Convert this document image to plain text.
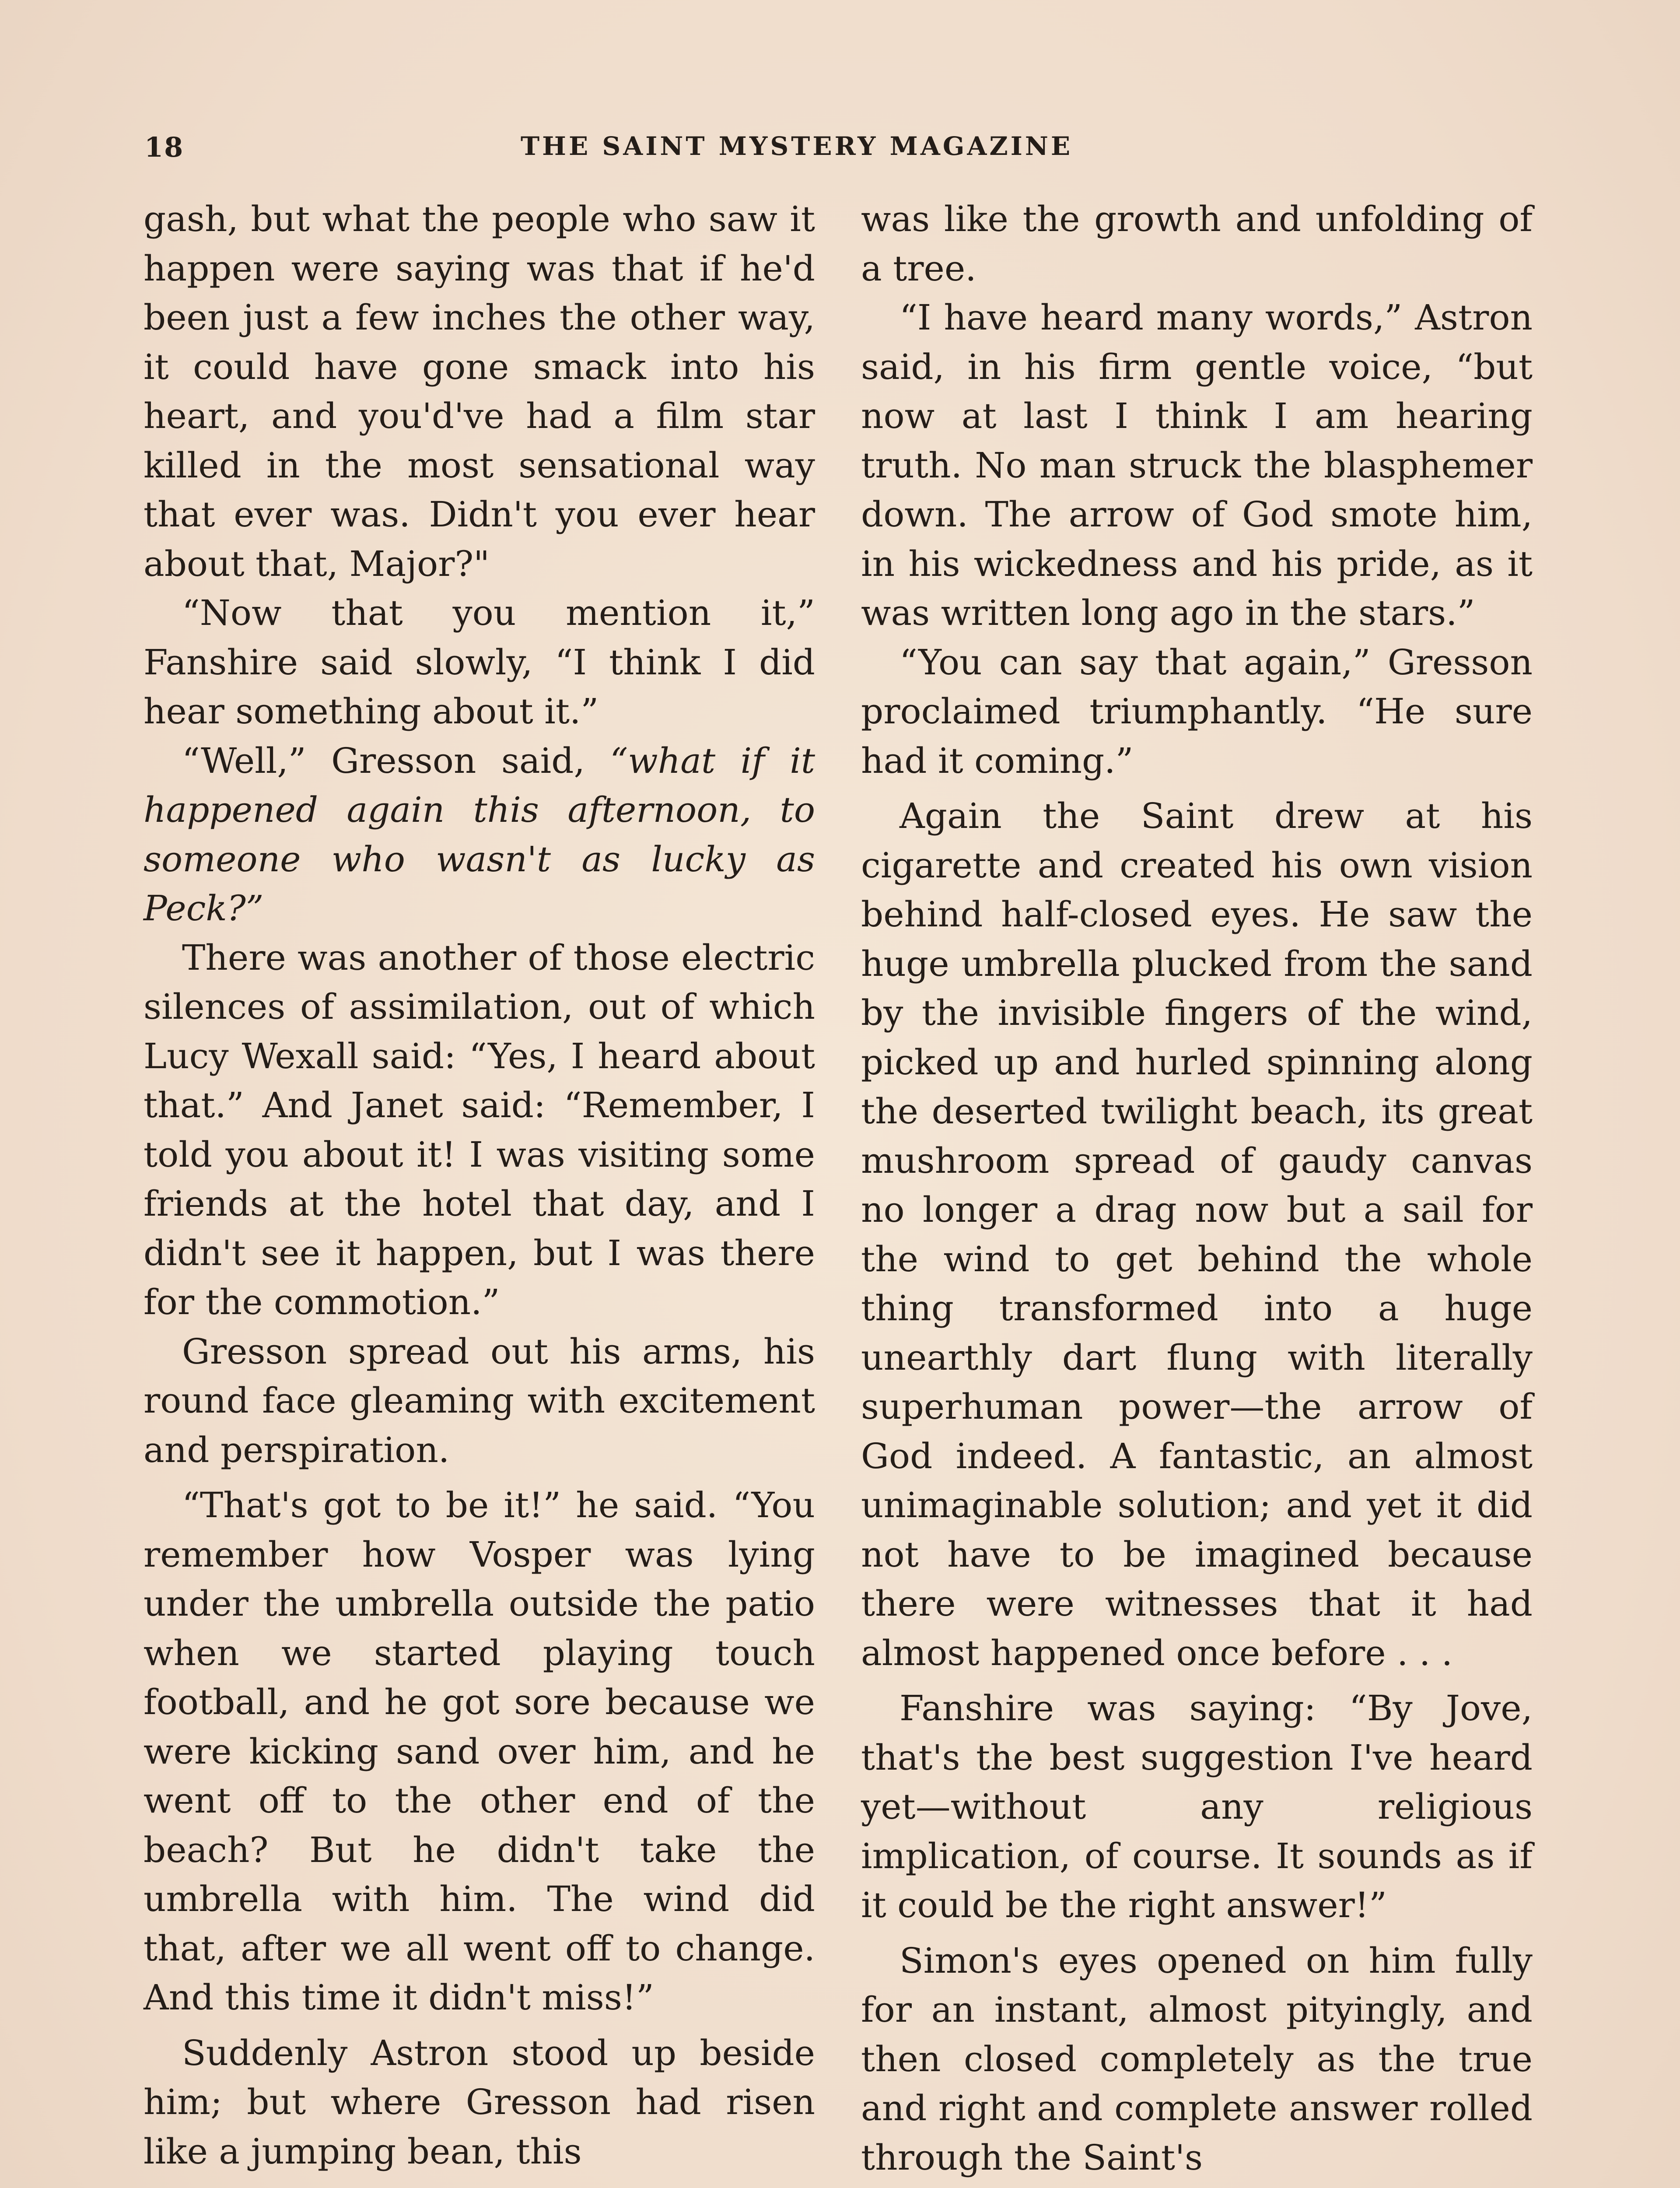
18	THE SAINT MYSTERY MAGAZINE

gash, but what the people who saw it happen were saying was that if he'd been just a few inches the other way, it could have gone smack into his heart, and you'd've had a film star killed in the most sensational way that ever was. Didn't you ever hear about that, Major?"

“Now that you mention it,” Fanshire said slowly, “I think I did hear something about it.”

“Well,” Gresson said, “what if it happened again this afternoon, to someone who wasn't as lucky as Peck?”

There was another of those electric silences of assimilation, out of which Lucy Wexall said: “Yes, I heard about that.” And Janet said: “Remember, I told you about it! I was visiting some friends at the hotel that day, and I didn't see it happen, but I was there for the commotion.”

Gresson spread out his arms, his round face gleaming with excitement and perspiration.

“That's got to be it!” he said. “You remember how Vosper was lying under the umbrella outside the patio when we started playing touch football, and he got sore because we were kicking sand over him, and he went off to the other end of the beach? But he didn't take the umbrella with him. The wind did that, after we all went off to change. And this time it didn't miss!”

Suddenly Astron stood up beside him; but where Gresson had risen like a jumping bean, this

was like the growth and unfolding of a tree.

“I have heard many words,” Astron said, in his firm gentle voice, “but now at last I think I am hearing truth. No man struck the blasphemer down. The arrow of God smote him, in his wickedness and his pride, as it was written long ago in the stars.”

“You can say that again,” Gresson proclaimed triumphantly. “He sure had it coming.”

Again the Saint drew at his cigarette and created his own vision behind half-closed eyes. He saw the huge umbrella plucked from the sand by the invisible fingers of the wind, picked up and hurled spinning along the deserted twilight beach, its great mushroom spread of gaudy canvas no longer a drag now but a sail for the wind to get behind the whole thing transformed into a huge unearthly dart flung with literally superhuman power—the arrow of God indeed. A fantastic, an almost unimaginable solution; and yet it did not have to be imagined because there were witnesses that it had almost happened once before . . .

Fanshire was saying: “By Jove, that's the best suggestion I've heard yet—without any religious implication, of course. It sounds as if it could be the right answer!”

Simon's eyes opened on him fully for an instant, almost pityingly, and then closed completely as the true and right and complete answer rolled through the Saint's
